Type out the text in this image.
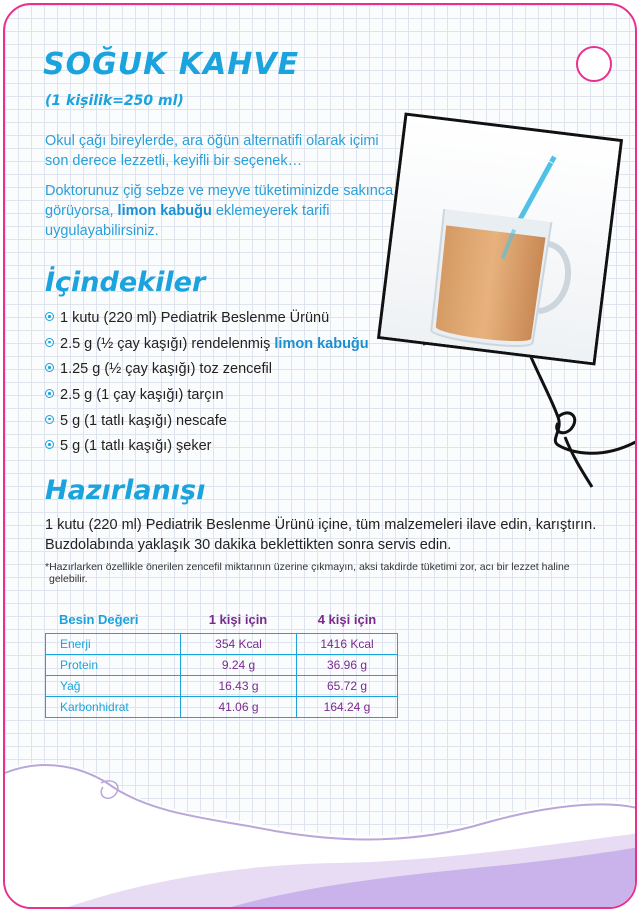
SOĞUK KAHVE
(1 kişilik=250 ml)

Okul çağı bireylerde, ara öğün alternatifi olarak içimi son derece lezzetli, keyifli bir seçenek…

Doktorunuz çiğ sebze ve meyve tüketiminizde sakınca görüyorsa, limon kabuğu eklemeyerek tarifi uygulayabilirsiniz.

İçindekiler
1 kutu (220 ml) Pediatrik Beslenme Ürünü
2.5 g (½ çay kaşığı) rendelenmiş limon kabuğu
1.25 g (½ çay kaşığı) toz zencefil
2.5 g (1 çay kaşığı) tarçın
5 g (1 tatlı kaşığı) nescafe
5 g (1 tatlı kaşığı) şeker
Hazırlanışı

1 kutu (220 ml) Pediatrik Beslenme Ürünü içine, tüm malzemeleri ilave edin, karıştırın. Buzdolabında yaklaşık 30 dakika beklettikten sonra servis edin.

*Hazırlarken özellikle önerilen zencefil miktarının üzerine çıkmayın, aksi takdirde tüketimi zor, acı bir lezzet haline gelebilir.

Besin Değeri	1 kişi için	4 kişi için
Enerji	354 Kcal	1416 Kcal
Protein	9.24 g	36.96 g
Yağ	16.43 g	65.72 g
Karbonhidrat	41.06 g	164.24 g
